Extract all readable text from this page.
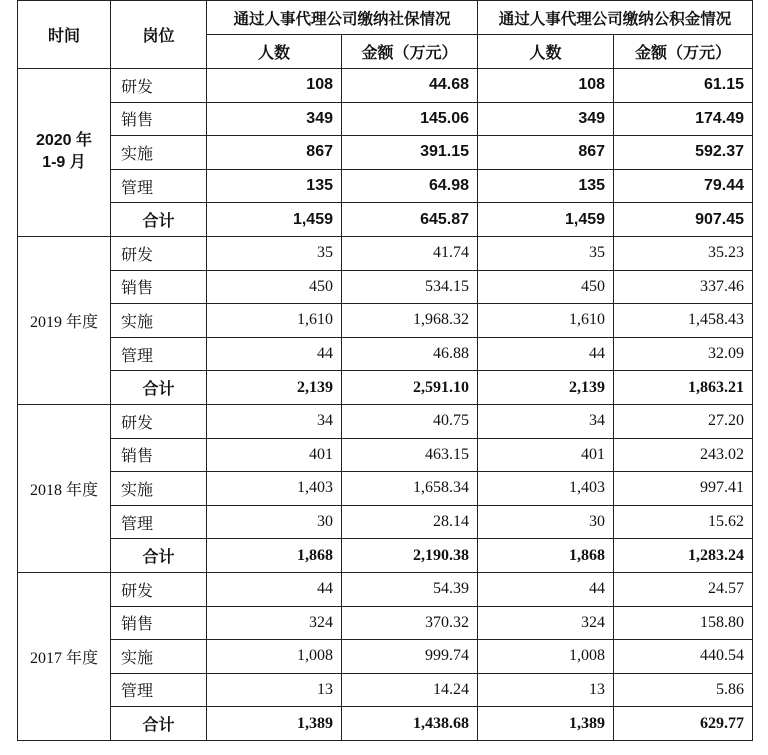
时间	岗位	通过人事代理公司缴纳社保情况		通过人事代理公司缴纳公积金情况	
		人数	金额（万元）	人数	金额（万元）

2020 年
1-9 月	研发	108	44.68	108	61.15
	销售	349	145.06	349	174.49
	实施	867	391.15	867	592.37
	管理	135	64.98	135	79.44
	合计	1,459	645.87	1,459	907.45
2019 年度	研发	35	41.74	35	35.23
	销售	450	534.15	450	337.46
	实施	1,610	1,968.32	1,610	1,458.43
	管理	44	46.88	44	32.09
	合计	2,139	2,591.10	2,139	1,863.21
2018 年度	研发	34	40.75	34	27.20
	销售	401	463.15	401	243.02
	实施	1,403	1,658.34	1,403	997.41
	管理	30	28.14	30	15.62
	合计	1,868	2,190.38	1,868	1,283.24
2017 年度	研发	44	54.39	44	24.57
	销售	324	370.32	324	158.80
	实施	1,008	999.74	1,008	440.54
	管理	13	14.24	13	5.86
	合计	1,389	1,438.68	1,389	629.77
